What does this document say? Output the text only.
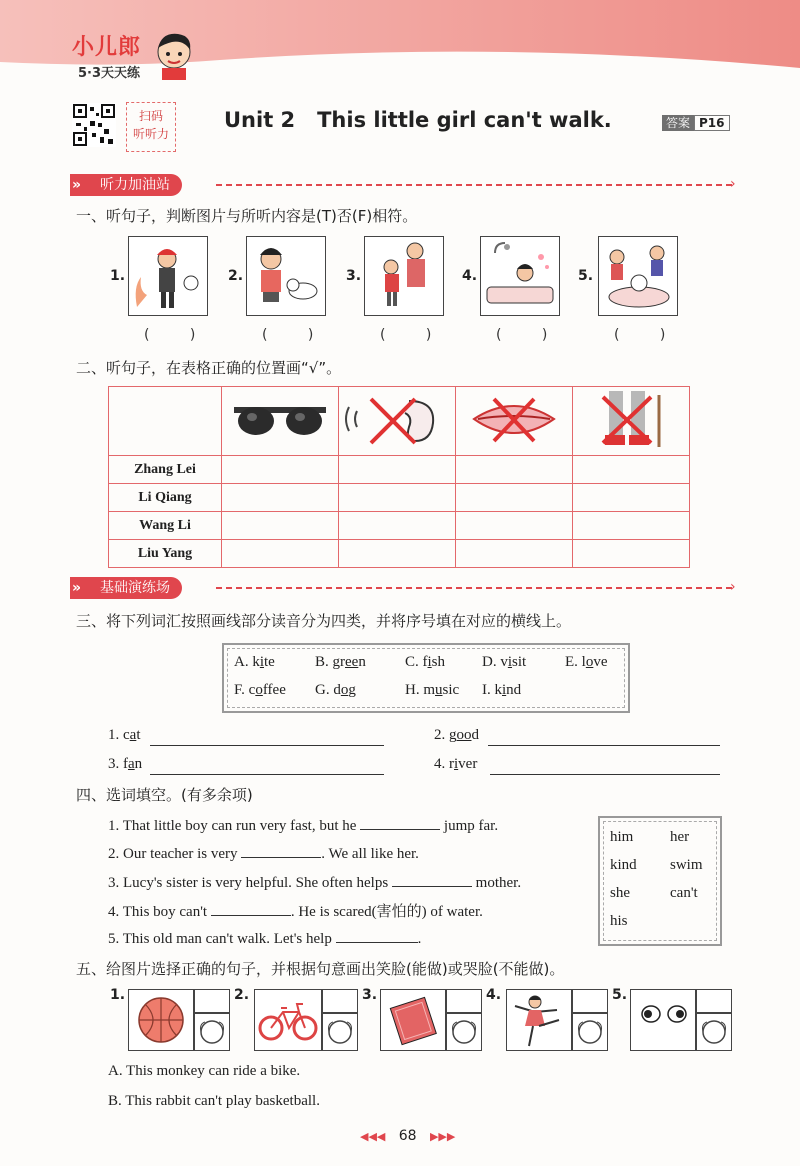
小儿郎
5·3天天练
扫码
听听力
Unit 2   This little girl can't walk.	答案 P16
听力加油站
»	›
一、听句子，判断图片与所听内容是(T)否(F)相符。
1.
( )
2.
( )
3.
( )
4.
( )
5.
( )
二、听句子，在表格正确的位置画“√”。

Zhang Lei				
Li Qiang				
Wang Li				
Liu Yang				
基础演练场
»	›
三、将下列词汇按照画线部分读音分为四类，并将序号填在对应的横线上。
A. kite	B. green	C. fish D. visit	E. love
F. coffee G. dog	H. music I. kind
1. cat	2. good
3. fan	4. river
四、选词填空。(有多余项)
1. That little boy can run very fast, but he	jump far.
2. Our teacher is very	. We all like her.
3. Lucy's sister is very helpful. She often helps	mother.
4. This boy can't	. He is scared(害怕的) of water.
5. This old man can't walk. Let's help	.
him her
kind swim
she	can't
his
五、给图片选择正确的句子，并根据句意画出笑脸(能做)或哭脸(不能做)。
1.	2.	3.	4.	5.
A. This monkey can ride a bike.
B. This rabbit can't play basketball.
◀◀◀ 68 ▶▶▶
